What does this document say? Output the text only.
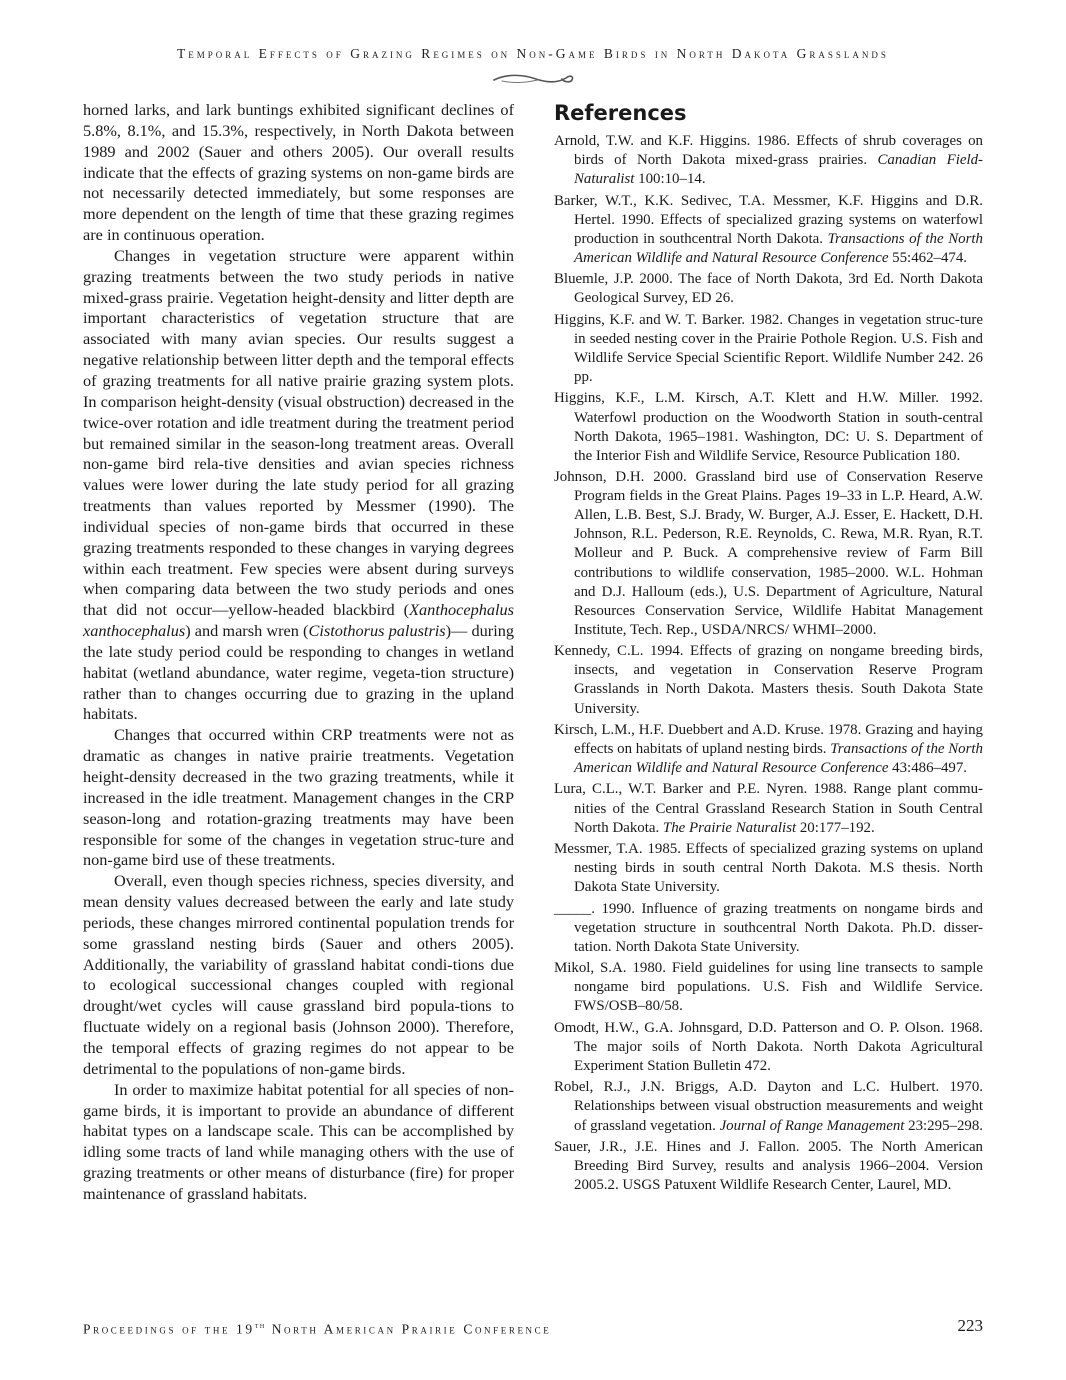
Temporal Effects of Grazing Regimes on Non-Game Birds in North Dakota Grasslands

horned larks, and lark buntings exhibited significant declines of 5.8%, 8.1%, and 15.3%, respectively, in North Dakota between 1989 and 2002 (Sauer and others 2005). Our overall results indicate that the effects of grazing systems on non-game birds are not necessarily detected immediately, but some responses are more dependent on the length of time that these grazing regimes are in continuous operation.

Changes in vegetation structure were apparent within grazing treatments between the two study periods in native mixed-grass prairie. Vegetation height-density and litter depth are important characteristics of vegetation structure that are associated with many avian species. Our results suggest a negative relationship between litter depth and the temporal effects of grazing treatments for all native prairie grazing system plots. In comparison height-density (visual obstruction) decreased in the twice-over rotation and idle treatment during the treatment period but remained similar in the season-long treatment areas. Overall non-game bird rela-tive densities and avian species richness values were lower during the late study period for all grazing treatments than values reported by Messmer (1990). The individual species of non-game birds that occurred in these grazing treatments responded to these changes in varying degrees within each treatment. Few species were absent during surveys when comparing data between the two study periods and ones that did not occur—yellow-headed blackbird (Xanthocephalus xanthocephalus) and marsh wren (Cistothorus palustris)— during the late study period could be responding to changes in wetland habitat (wetland abundance, water regime, vegeta-tion structure) rather than to changes occurring due to grazing in the upland habitats.

Changes that occurred within CRP treatments were not as dramatic as changes in native prairie treatments. Vegetation height-density decreased in the two grazing treatments, while it increased in the idle treatment. Management changes in the CRP season-long and rotation-grazing treatments may have been responsible for some of the changes in vegetation struc-ture and non-game bird use of these treatments.

Overall, even though species richness, species diversity, and mean density values decreased between the early and late study periods, these changes mirrored continental population trends for some grassland nesting birds (Sauer and others 2005). Additionally, the variability of grassland habitat condi-tions due to ecological successional changes coupled with regional drought/wet cycles will cause grassland bird popula-tions to fluctuate widely on a regional basis (Johnson 2000). Therefore, the temporal effects of grazing regimes do not appear to be detrimental to the populations of non-game birds.

In order to maximize habitat potential for all species of non-game birds, it is important to provide an abundance of different habitat types on a landscape scale. This can be accomplished by idling some tracts of land while managing others with the use of grazing treatments or other means of disturbance (fire) for proper maintenance of grassland habitats.

References
Arnold, T.W. and K.F. Higgins. 1986. Effects of shrub coverages on birds of North Dakota mixed-grass prairies. Canadian Field-Naturalist 100:10–14.
Barker, W.T., K.K. Sedivec, T.A. Messmer, K.F. Higgins and D.R. Hertel. 1990. Effects of specialized grazing systems on waterfowl production in southcentral North Dakota. Transactions of the North American Wildlife and Natural Resource Conference 55:462–474.
Bluemle, J.P. 2000. The face of North Dakota, 3rd Ed. North Dakota Geological Survey, ED 26.
Higgins, K.F. and W. T. Barker. 1982. Changes in vegetation struc-ture in seeded nesting cover in the Prairie Pothole Region. U.S. Fish and Wildlife Service Special Scientific Report. Wildlife Number 242. 26 pp.
Higgins, K.F., L.M. Kirsch, A.T. Klett and H.W. Miller. 1992. Waterfowl production on the Woodworth Station in south-central North Dakota, 1965–1981. Washington, DC: U. S. Department of the Interior Fish and Wildlife Service, Resource Publication 180.
Johnson, D.H. 2000. Grassland bird use of Conservation Reserve Program fields in the Great Plains. Pages 19–33 in L.P. Heard, A.W. Allen, L.B. Best, S.J. Brady, W. Burger, A.J. Esser, E. Hackett, D.H. Johnson, R.L. Pederson, R.E. Reynolds, C. Rewa, M.R. Ryan, R.T. Molleur and P. Buck. A comprehensive review of Farm Bill contributions to wildlife conservation, 1985–2000. W.L. Hohman and D.J. Halloum (eds.), U.S. Department of Agriculture, Natural Resources Conservation Service, Wildlife Habitat Management Institute, Tech. Rep., USDA/NRCS/ WHMI–2000.
Kennedy, C.L. 1994. Effects of grazing on nongame breeding birds, insects, and vegetation in Conservation Reserve Program Grasslands in North Dakota. Masters thesis. South Dakota State University.
Kirsch, L.M., H.F. Duebbert and A.D. Kruse. 1978. Grazing and haying effects on habitats of upland nesting birds. Transactions of the North American Wildlife and Natural Resource Conference 43:486–497.
Lura, C.L., W.T. Barker and P.E. Nyren. 1988. Range plant commu-nities of the Central Grassland Research Station in South Central North Dakota. The Prairie Naturalist 20:177–192.
Messmer, T.A. 1985. Effects of specialized grazing systems on upland nesting birds in south central North Dakota. M.S thesis. North Dakota State University.
_____. 1990. Influence of grazing treatments on nongame birds and vegetation structure in southcentral North Dakota. Ph.D. disser-tation. North Dakota State University.
Mikol, S.A. 1980. Field guidelines for using line transects to sample nongame bird populations. U.S. Fish and Wildlife Service. FWS/OSB–80/58.
Omodt, H.W., G.A. Johnsgard, D.D. Patterson and O. P. Olson. 1968. The major soils of North Dakota. North Dakota Agricultural Experiment Station Bulletin 472.
Robel, R.J., J.N. Briggs, A.D. Dayton and L.C. Hulbert. 1970. Relationships between visual obstruction measurements and weight of grassland vegetation. Journal of Range Management 23:295–298.
Sauer, J.R., J.E. Hines and J. Fallon. 2005. The North American Breeding Bird Survey, results and analysis 1966–2004. Version 2005.2. USGS Patuxent Wildlife Research Center, Laurel, MD.
Proceedings of the 19th North American Prairie Conference	223
